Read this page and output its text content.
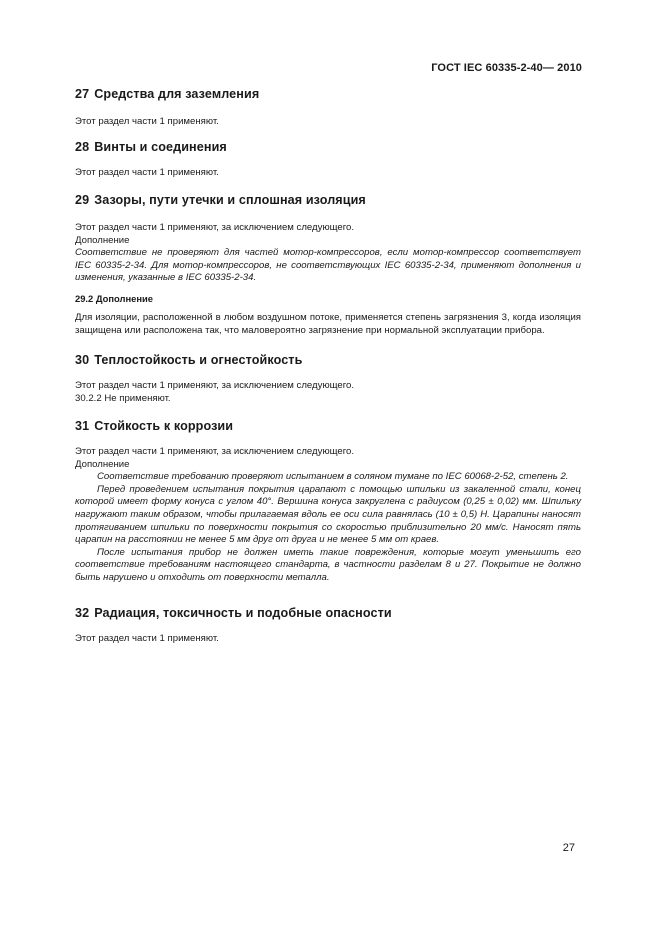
ГОСТ IEC 60335-2-40— 2010
27 Средства для заземления

Этот раздел части 1 применяют.

28 Винты и соединения

Этот раздел части 1 применяют.

29 Зазоры, пути утечки и сплошная изоляция

Этот раздел части 1 применяют, за исключением следующего.

Дополнение

Соответствие не проверяют для частей мотор-компрессоров, если мотор-компрессор соответствует IEC 60335-2-34. Для мотор-компрессоров, не соответствующих IEC 60335-2-34, применяют дополнения и изменения, указанные в IEC 60335-2-34.

29.2 Дополнение

Для изоляции, расположенной в любом воздушном потоке, применяется степень загрязнения 3, когда изоляция защищена или расположена так, что маловероятно загрязнение при нормальной эксплуатации прибора.

30 Теплостойкость и огнестойкость

Этот раздел части 1 применяют, за исключением следующего.

30.2.2 Не применяют.

31 Стойкость к коррозии

Этот раздел части 1 применяют, за исключением следующего.

Дополнение

Соответствие требованию проверяют испытанием в соляном тумане по IEC 60068-2-52, степень 2.

Перед проведением испытания покрытия царапают с помощью шпильки из закаленной стали, конец которой имеет форму конуса с углом 40°. Вершина конуса закруглена с радиусом (0,25 ± 0,02) мм. Шпильку нагружают таким образом, чтобы прилагаемая вдоль ее оси сила равнялась (10 ± 0,5) Н. Царапины наносят протягиванием шпильки по поверхности покрытия со скоростью приблизительно 20 мм/с. Наносят пять царапин на расстоянии не менее 5 мм друг от друга и не менее 5 мм от краев.

После испытания прибор не должен иметь такие повреждения, которые могут уменьшить его соответствие требованиям настоящего стандарта, в частности разделам 8 и 27. Покрытие не должно быть нарушено и отходить от поверхности металла.

32 Радиация, токсичность и подобные опасности

Этот раздел части 1 применяют.

27
